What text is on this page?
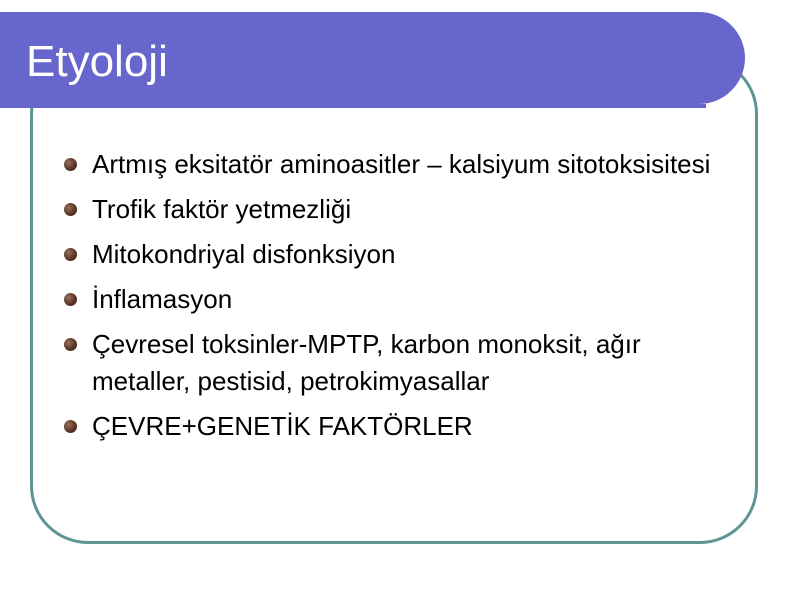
Etyoloji
Artmış eksitatör aminoasitler – kalsiyum sitotoksisitesi
Trofik faktör yetmezliği
Mitokondriyal disfonksiyon
İnflamasyon
Çevresel toksinler-MPTP, karbon monoksit, ağır metaller, pestisid, petrokimyasallar
ÇEVRE+GENETİK FAKTÖRLER
